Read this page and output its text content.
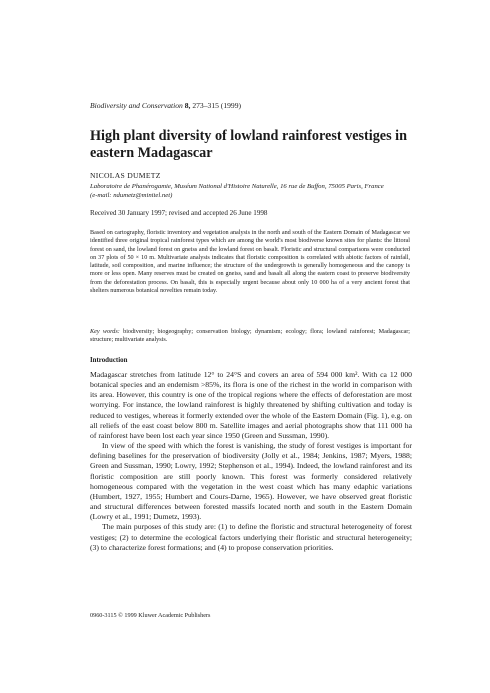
Biodiversity and Conservation 8, 273–315 (1999)
High plant diversity of lowland rainforest vestiges in eastern Madagascar
NICOLAS DUMETZ
Laboratoire de Phanérogamie, Muséum National d'Histoire Naturelle, 16 rue de Buffon, 75005 Paris, France
(e-mail: ndumetz@minitel.net)
Received 30 January 1997; revised and accepted 26 June 1998
Based on cartography, floristic inventory and vegetation analysis in the north and south of the Eastern Domain of Madagascar we identified three original tropical rainforest types which are among the world's most biodiverse known sites for plants: the littoral forest on sand, the lowland forest on gneiss and the lowland forest on basalt. Floristic and structural comparisons were conducted on 37 plots of 50 × 10 m. Multivariate analysis indicates that floristic composition is correlated with abiotic factors of rainfall, latitude, soil composition, and marine influence; the structure of the undergrowth is generally homogeneous and the canopy is more or less open. Many reserves must be created on gneiss, sand and basalt all along the eastern coast to preserve biodiversity from the deforestation process. On basalt, this is especially urgent because about only 10 000 ha of a very ancient forest that shelters numerous botanical novelties remain today.
Key words: biodiversity; biogeography; conservation biology; dynamism; ecology; flora; lowland rainforest; Madagascar; structure; multivariate analysis.
Introduction

Madagascar stretches from latitude 12° to 24°S and covers an area of 594 000 km². With ca 12 000 botanical species and an endemism >85%, its flora is one of the richest in the world in comparison with its area. However, this country is one of the tropical regions where the effects of deforestation are most worrying. For instance, the lowland rainforest is highly threatened by shifting cultivation and today is reduced to vestiges, whereas it formerly extended over the whole of the Eastern Domain (Fig. 1), e.g. on all reliefs of the east coast below 800 m. Satellite images and aerial photographs show that 111 000 ha of rainforest have been lost each year since 1950 (Green and Sussman, 1990).

In view of the speed with which the forest is vanishing, the study of forest vestiges is important for defining baselines for the preservation of biodiversity (Jolly et al., 1984; Jenkins, 1987; Myers, 1988; Green and Sussman, 1990; Lowry, 1992; Stephenson et al., 1994). Indeed, the lowland rainforest and its floristic composition are still poorly known. This forest was formerly considered relatively homogeneous compared with the vegetation in the west coast which has many edaphic variations (Humbert, 1927, 1955; Humbert and Cours-Darne, 1965). However, we have observed great floristic and structural differences between forested massifs located north and south in the Eastern Domain (Lowry et al., 1991; Dumetz, 1993).

The main purposes of this study are: (1) to define the floristic and structural heterogeneity of forest vestiges; (2) to determine the ecological factors underlying their floristic and structural heterogeneity; (3) to characterize forest formations; and (4) to propose conservation priorities.

0960-3115 © 1999 Kluwer Academic Publishers
